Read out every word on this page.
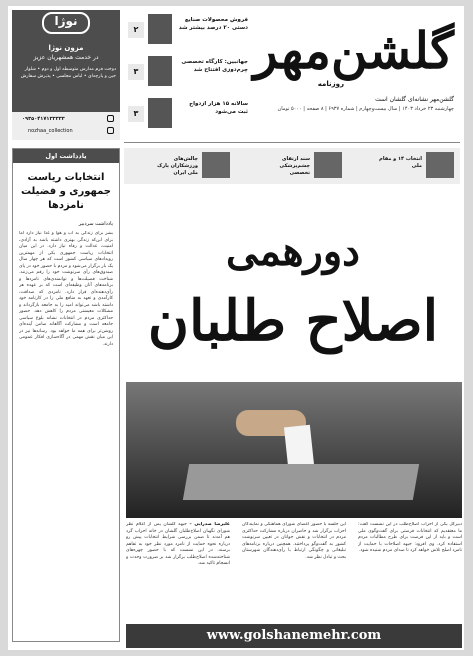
گلشن‌مهر
روزنامه
گلشن‌مهر نشانه‌ای گلشان است
چهارشنبه ۲۳ خرداد ۱۴۰۳ | سال بیست‌وچهارم | شماره ۶۹۳۷ | ۸ صفحه | ۵۰۰۰ تومان
۲
فروش محصولات صنایع دستی ۲۰ درصد بیشتر شد
۳
جهانبین: کارگاه تخصصی چرم‌دوزی افتتاح شد
۳
سالانه ۱۵ هزار ازدواج ثبت می‌شود
نوژا
مزون نوژا
در خدمت همشهریان عزیز
دوخت فرم مدارس متوسطه اول و دوم • شلوار جین و پارچه‌ای • لباس مجلسی • پذیرش سفارش
۰۹۳۵۰۴۱۷۱۳۳۳۳۳
nozhaa_collection
یادداشت اول
انتخابات ریاست جمهوری و فضیلت نامزدها
یادداشت سردبیر
بشر برای زندگی به آب و هوا و غذا نیاز دارد اما برای این‌که زندگی بهتری داشته باشد به آزادی، امنیت، عدالت و رفاه نیاز دارد. در این میان انتخابات ریاست جمهوری یکی از مهمترین رویدادهای سیاسی کشور است که هر چهار سال یک بار برگزار می‌شود و مردم با حضور خود در پای صندوق‌های رأی سرنوشت خود را رقم می‌زنند. شناخت فضیلت‌ها و توانمندی‌های نامزدها و برنامه‌های آنان وظیفه‌ای است که بر عهده هر رأی‌دهنده‌ای قرار دارد. نامزدی که صداقت، کارآمدی و تعهد به منافع ملی را در کارنامه خود داشته باشد می‌تواند امید را به جامعه بازگرداند و مشکلات معیشتی مردم را کاهش دهد. حضور حداکثری مردم در انتخابات نشانه بلوغ سیاسی جامعه است و مشارکت آگاهانه ضامن آینده‌ای روشن‌تر برای همه ما خواهد بود. رسانه‌ها نیز در این میان نقش مهمی در آگاه‌سازی افکار عمومی دارند.
انتخاب ۱۴ و مقام ملی
سند ارتقای چشم‌پزشکی تخصصی
چالش‌های ورزشکاران پارک ملی ایران
دورهمی
اصلاح طلبان
علیرضا صدرایی – جبهه گلشان پس از اعلام نظر شورای نگهبان اصلاح‌طلبان گلشان در خانه احزاب گرد هم آمدند تا ضمن بررسی شرایط انتخابات پیش رو درباره نحوه حمایت از نامزد مورد نظر خود به تفاهم برسند. در این نشست که با حضور چهره‌های شناخته‌شده اصلاح‌طلب برگزار شد بر ضرورت وحدت و انسجام تاکید شد.
این جلسه با حضور اعضای شورای هماهنگی و نمایندگان احزاب برگزار شد و حاضران درباره مشارکت حداکثری مردم در انتخابات و نقش جوانان در تعیین سرنوشت کشور به گفت‌وگو پرداختند. همچنین درباره برنامه‌های تبلیغاتی و چگونگی ارتباط با رأی‌دهندگان شهرستان بحث و تبادل نظر شد.
دبیرکل یکی از احزاب اصلاح‌طلب در این نشست گفت: ما معتقدیم که انتخابات فرصتی برای گفت‌وگوی ملی است و باید از این فرصت برای طرح مطالبات مردم استفاده کرد. وی افزود: جبهه اصلاحات با حمایت از نامزد اصلح تلاش خواهد کرد تا صدای مردم شنیده شود.
www.golshanemehr.com
